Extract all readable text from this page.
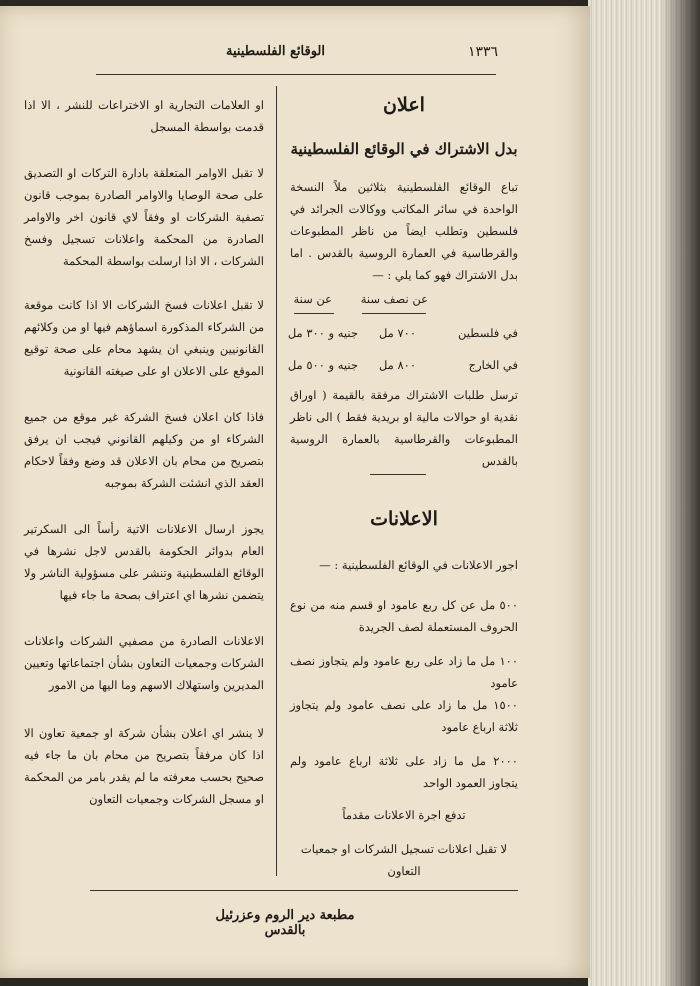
١٣٣٦
الوقائع الفلسطينية
اعلان
بدل الاشتراك في الوقائع الفلسطينية

تباع الوقائع الفلسطينية بثلاثين ملاً النسخة الواحدة في سائر المكاتب ووكالات الجرائد في فلسطين وتطلب ايضاً من ناظر المطبوعات والقرطاسية في العمارة الروسية بالقدس . اما بدل الاشتراك فهو كما يلي : —

عن نصف سنة
عن سنة
في فلسطين
٧٠٠ مل
جنيه و ٣٠٠ مل
في الخارج
٨٠٠ مل
جنيه و ٥٠٠ مل

ترسل طلبات الاشتراك مرفقة بالقيمة ( اوراق نقدية او حوالات مالية او بريدية فقط ) الى ناظر المطبوعات والقرطاسية بالعمارة الروسية بالقدس

الاعلانات

اجور الاعلانات في الوقائع الفلسطينية : —

٥٠٠ مل عن كل ربع عامود او قسم منه من نوع الحروف المستعملة لصف الجريدة

١٠٠ مل ما زاد على ربع عامود ولم يتجاوز نصف عامود

١٥٠٠ مل ما زاد على نصف عامود ولم يتجاوز ثلاثة ارباع عامود

٢٠٠٠ مل ما زاد على ثلاثة ارباع عامود ولم يتجاوز العمود الواحد

تدفع اجرة الاعلانات مقدماً

لا تقبل اعلانات تسجيل الشركات او جمعيات التعاون

او العلامات التجارية او الاختراعات للنشر ، الا اذا قدمت بواسطة المسجل

لا تقبل الاوامر المتعلقة بادارة التركات او التصديق على صحة الوصايا والاوامر الصادرة بموجب قانون تصفية الشركات او وفقاً لاي قانون اخر والاوامر الصادرة من المحكمة واعلانات تسجيل وفسخ الشركات ، الا اذا ارسلت بواسطة المحكمة

لا تقبل اعلانات فسخ الشركات الا اذا كانت موقعة من الشركاء المذكورة اسماؤهم فيها او من وكلائهم القانونيين وينبغي ان يشهد محام على صحة توقيع الموقع على الاعلان او على صيغته القانونية

فاذا كان اعلان فسخ الشركة غير موقع من جميع الشركاء او من وكيلهم القانوني فيجب ان يرفق بتصريح من محام بان الاعلان قد وضع وفقاً لاحكام العقد الذي انشئت الشركة بموجبه

يجوز ارسال الاعلانات الاتية رأساً الى السكرتير العام بدوائر الحكومة بالقدس لاجل نشرها في الوقائع الفلسطينية وتنشر على مسؤولية الناشر ولا يتضمن نشرها اي اعتراف بصحة ما جاء فيها

الاعلانات الصادرة من مصفيي الشركات واعلانات الشركات وجمعيات التعاون بشأن اجتماعاتها وتعيين المديرين واستهلاك الاسهم وما اليها من الامور

لا ينشر اي اعلان بشأن شركة او جمعية تعاون الا اذا كان مرفقاً بتصريح من محام بان ما جاء فيه صحيح بحسب معرفته ما لم يقدر بامر من المحكمة او مسجل الشركات وجمعيات التعاون

مطبعة دير الروم وعزرئيل بالقدس
